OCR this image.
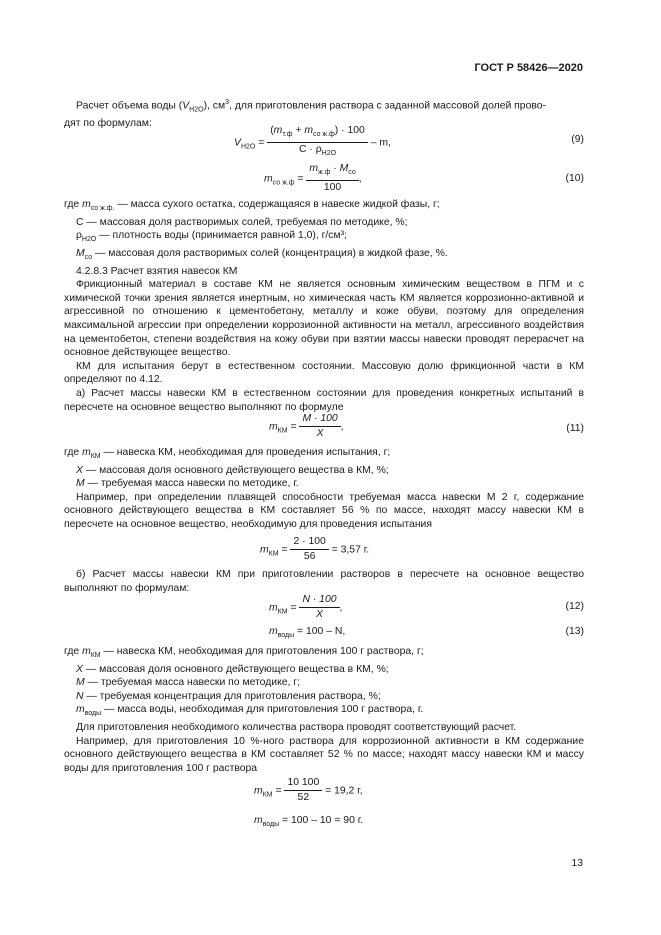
ГОСТ Р 58426—2020

Расчет объема воды $(V_{H2O})$, $см^3$, для приготовления раствора с заданной массовой долей прово-

дят по формулам:

$V_{H2O} = \frac{(m_{т.ф} + m_{со ж.ф}) \cdot 100}{С \cdot \rho_{H2O}} - m$,	(9)
$m_{со ж.ф} = \frac{m_{ж.ф} \cdot M_{со}}{100}$ ,	(10)

где $m_{со ж.ф.}$ — масса сухого остатка, содержащаяся в навеске жидкой фазы, г;

С — массовая доля растворимых солей, требуемая по методике, %;

$\rho_{H2O}$ — плотность воды (принимается равной 1,0), г/см³;

$M_{со}$ — массовая доля растворимых солей (концентрация) в жидкой фазе, %.

4.2.8.3 Расчет взятия навесок КМ

Фрикционный материал в составе КМ не является основным химическим веществом в ПГМ и с химической точки зрения является инертным, но химическая часть КМ является коррозионно-активной и агрессивной по отношению к цементобетону, металлу и коже обуви, поэтому для определения максимальной агрессии при определении коррозионной активности на металл, агрессивного воздействия на цементобетон, степени воздействия на кожу обуви при взятии массы навески проводят перерасчет на основное действующее вещество.

КМ для испытания берут в естественном состоянии. Массовую долю фрикционной части в КМ определяют по 4.12.

а) Расчет массы навески КМ в естественном состоянии для проведения конкретных испытаний в пересчете на основное вещество выполняют по формуле

$m_{КМ} = \frac{M \cdot 100}{X}$ ,	(11)

где $m_{КМ}$ — навеска КМ, необходимая для проведения испытания, г;

X — массовая доля основного действующего вещества в КМ, %;

M — требуемая масса навески по методике, г.

Например, при определении плавящей способности требуемая масса навески M 2 г, содержание основного действующего вещества в КМ составляет 56 % по массе, находят массу навески КМ в пересчете на основное вещество, необходимую для проведения испытания

$m_{КМ} = \frac{2 \cdot 100}{56} = 3,57$ г.

б) Расчет массы навески КМ при приготовлении растворов в пересчете на основное вещество выполняют по формулам:

$m_{КМ} = \frac{N \cdot 100}{X}$ ,	(12)
$m_{воды} = 100 - N$,	(13)

где $m_{КМ}$ — навеска КМ, необходимая для приготовления 100 г раствора, г;

X — массовая доля основного действующего вещества в КМ, %;

M — требуемая масса навески по методике, г;

N — требуемая концентрация для приготовления раствора, %;

$m_{воды}$ — масса воды, необходимая для приготовления 100 г раствора, г.

Для приготовления необходимого количества раствора проводят соответствующий расчет.

Например, для приготовления 10 %-ного раствора для коррозионной активности в КМ содержание основного действующего вещества в КМ составляет 52 % по массе; находят массу навески КМ и массу воды для приготовления 100 г раствора

$m_{КМ} = \frac{10 100}{52} = 19,2$ г,
$m_{воды} = 100 - 10 = 90$ г.
13
